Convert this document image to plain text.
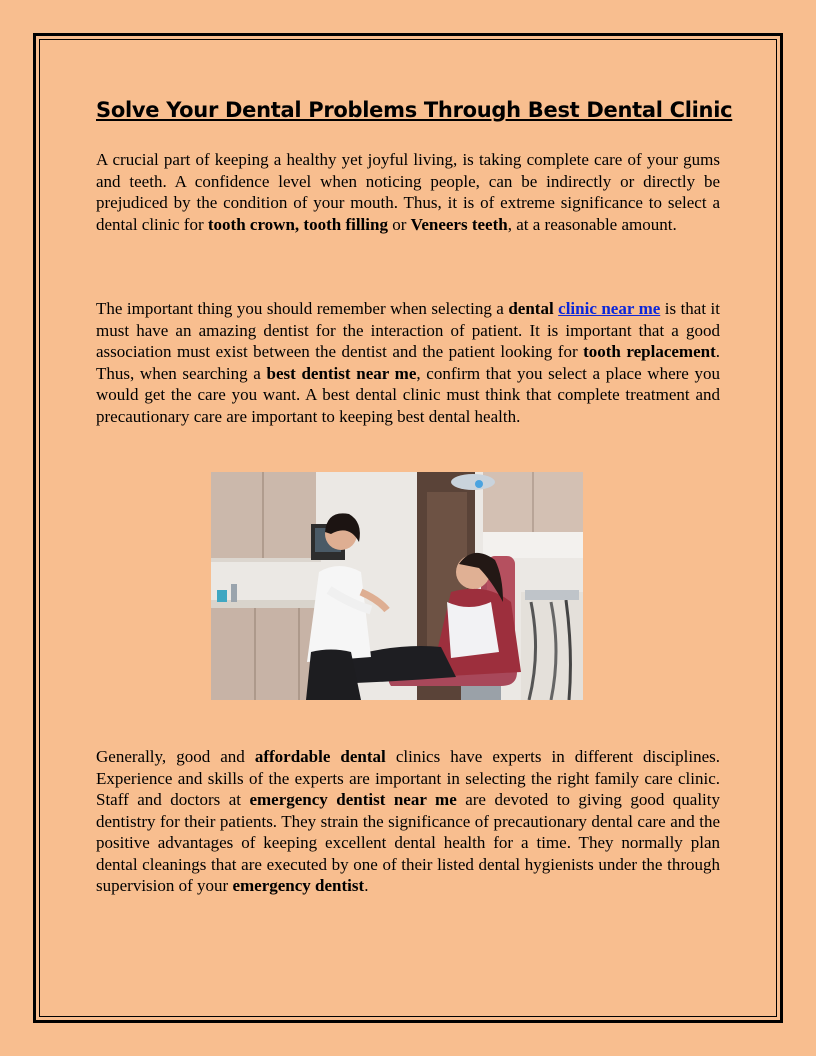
Solve Your Dental Problems Through Best Dental Clinic

A crucial part of keeping a healthy yet joyful living, is taking complete care of your gums and teeth. A confidence level when noticing people, can be indirectly or directly be prejudiced by the condition of your mouth. Thus, it is of extreme significance to select a dental clinic for tooth crown, tooth filling or Veneers teeth, at a reasonable amount.

The important thing you should remember when selecting a dental clinic near me is that it must have an amazing dentist for the interaction of patient. It is important that a good association must exist between the dentist and the patient looking for tooth replacement. Thus, when searching a best dentist near me, confirm that you select a place where you would get the care you want. A best dental clinic must think that complete treatment and precautionary care are important to keeping best dental health.

Generally, good and affordable dental clinics have experts in different disciplines. Experience and skills of the experts are important in selecting the right family care clinic. Staff and doctors at emergency dentist near me are devoted to giving good quality dentistry for their patients. They strain the significance of precautionary dental care and the positive advantages of keeping excellent dental health for a time. They normally plan dental cleanings that are executed by one of their listed dental hygienists under the through supervision of your emergency dentist.
